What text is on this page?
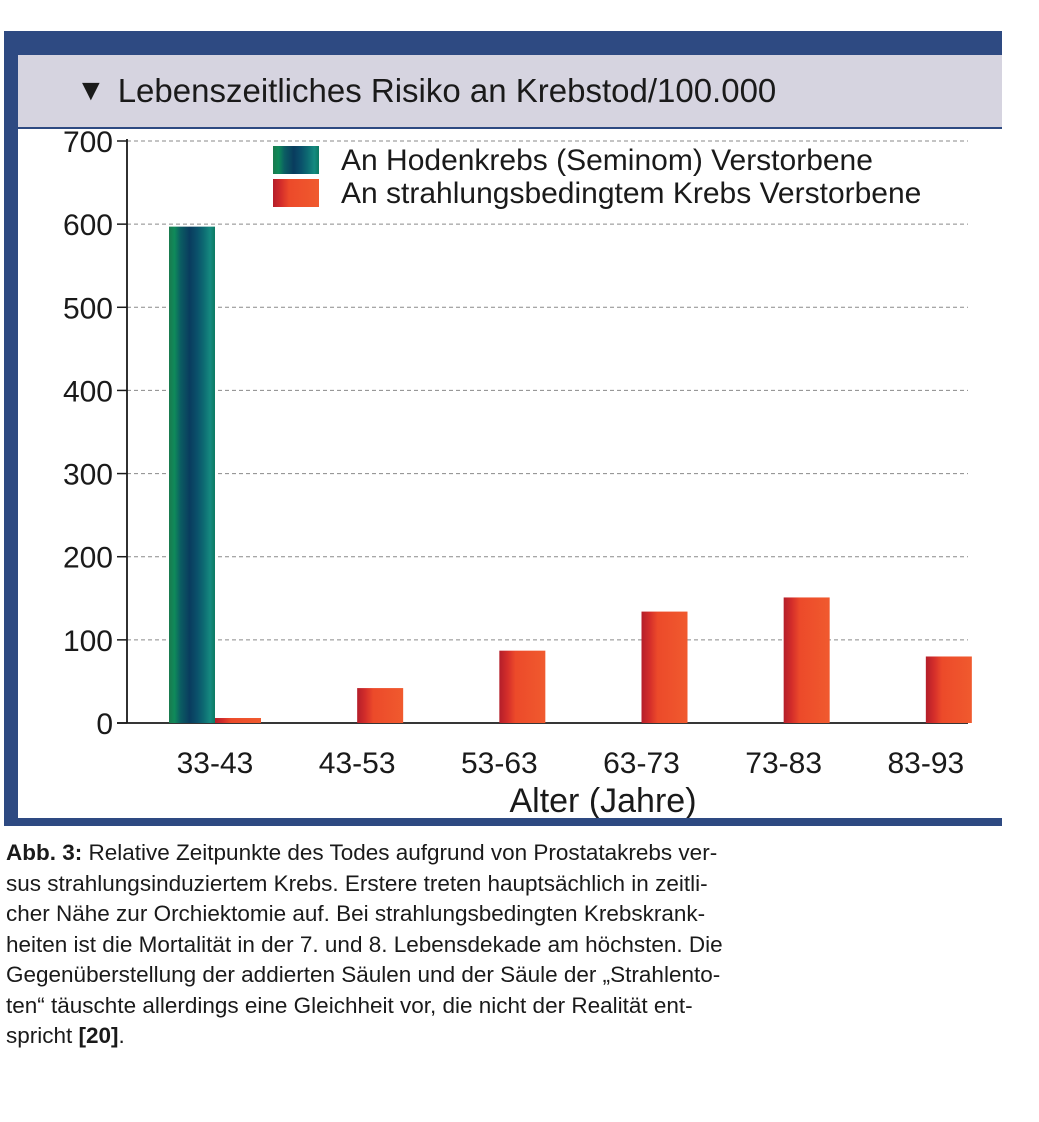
▼ Lebenszeitliches Risiko an Krebstod/100.000
0
100
200
300
400
500
600
700
33-43 43-53 53-63 63-73 73-83 83-93
Alter (Jahre)
An Hodenkrebs (Seminom) Verstorbene
An strahlungsbedingtem Krebs Verstorbene

Abb. 3: Relative Zeitpunkte des Todes aufgrund von Prostatakrebs ver-

sus strahlungsinduziertem Krebs. Erstere treten hauptsächlich in zeitli-

cher Nähe zur Orchiektomie auf. Bei strahlungsbedingten Krebskrank-

heiten ist die Mortalität in der 7. und 8. Lebensdekade am höchsten. Die

Gegenüberstellung der addierten Säulen und der Säule der „Strahlento-

ten“ täuschte allerdings eine Gleichheit vor, die nicht der Realität ent-

spricht [20].
